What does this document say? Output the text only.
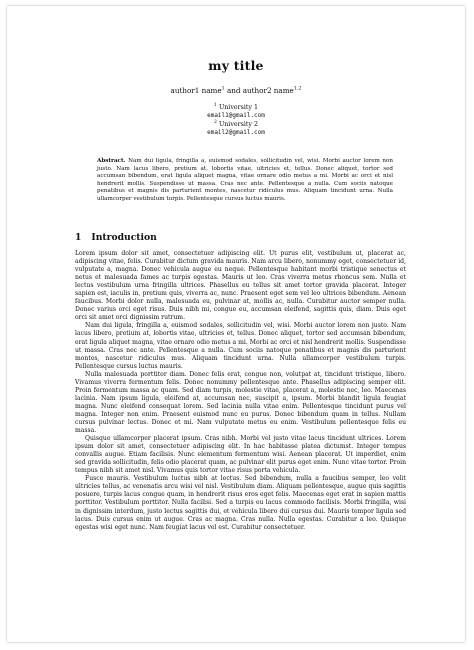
my title
author1 name$^1$ and author2 name$^{1,2}$
$^1$ University 1
email1@gmail.com
$^2$ University 2
email2@gmail.com
Abstract. Nam dui ligula, fringilla a, euismod sodales, sollicitudin vel, wisi. Morbi auctor lorem non justo. Nam lacus libero, pretium at, lobortis vitae, ultricies et, tellus. Donec aliquet, tortor sed accumsan bibendum, erat ligula aliquet magna, vitae ornare odio metus a mi. Morbi ac orci et nisl hendrerit mollis. Suspendisse ut massa. Cras nec ante. Pellentesque a nulla. Cum sociis natoque penatibus et magnis dis parturient montes, nascetur ridiculus mus. Aliquam tincidunt urna. Nulla ullamcorper vestibulum turpis. Pellentesque cursus luctus mauris.
1 Introduction

Lorem ipsum dolor sit amet, consectetuer adipiscing elit. Ut purus elit, vestibulum ut, placerat ac, adipiscing vitae, felis. Curabitur dictum gravida mauris. Nam arcu libero, nonummy eget, consectetuer id, vulputate a, magna. Donec vehicula augue eu neque. Pellentesque habitant morbi tristique senectus et netus et malesuada fames ac turpis egestas. Mauris ut leo. Cras viverra metus rhoncus sem. Nulla et lectus vestibulum urna fringilla ultrices. Phasellus eu tellus sit amet tortor gravida placerat. Integer sapien est, iaculis in, pretium quis, viverra ac, nunc. Praesent eget sem vel leo ultrices bibendum. Aenean faucibus. Morbi dolor nulla, malesuada eu, pulvinar at, mollis ac, nulla. Curabitur auctor semper nulla. Donec varius orci eget risus. Duis nibh mi, congue eu, accumsan eleifend, sagittis quis, diam. Duis eget orci sit amet orci dignissim rutrum.

Nam dui ligula, fringilla a, euismod sodales, sollicitudin vel, wisi. Morbi auctor lorem non justo. Nam lacus libero, pretium at, lobortis vitae, ultricies et, tellus. Donec aliquet, tortor sed accumsan bibendum, erat ligula aliquet magna, vitae ornare odio metus a mi. Morbi ac orci et nisl hendrerit mollis. Suspendisse ut massa. Cras nec ante. Pellentesque a nulla. Cum sociis natoque penatibus et magnis dis parturient montes, nascetur ridiculus mus. Aliquam tincidunt urna. Nulla ullamcorper vestibulum turpis. Pellentesque cursus luctus mauris.

Nulla malesuada porttitor diam. Donec felis erat, congue non, volutpat at, tincidunt tristique, libero. Vivamus viverra fermentum felis. Donec nonummy pellentesque ante. Phasellus adipiscing semper elit. Proin fermentum massa ac quam. Sed diam turpis, molestie vitae, placerat a, molestie nec, leo. Maecenas lacinia. Nam ipsum ligula, eleifend at, accumsan nec, suscipit a, ipsum. Morbi blandit ligula feugiat magna. Nunc eleifend consequat lorem. Sed lacinia nulla vitae enim. Pellentesque tincidunt purus vel magna. Integer non enim. Praesent euismod nunc eu purus. Donec bibendum quam in tellus. Nullam cursus pulvinar lectus. Donec et mi. Nam vulputate metus eu enim. Vestibulum pellentesque felis eu massa.

Quisque ullamcorper placerat ipsum. Cras nibh. Morbi vel justo vitae lacus tincidunt ultrices. Lorem ipsum dolor sit amet, consectetuer adipiscing elit. In hac habitasse platea dictumst. Integer tempus convallis augue. Etiam facilisis. Nunc elementum fermentum wisi. Aenean placerat. Ut imperdiet, enim sed gravida sollicitudin, felis odio placerat quam, ac pulvinar elit purus eget enim. Nunc vitae tortor. Proin tempus nibh sit amet nisl. Vivamus quis tortor vitae risus porta vehicula.

Fusce mauris. Vestibulum luctus nibh at lectus. Sed bibendum, nulla a faucibus semper, leo velit ultricies tellus, ac venenatis arcu wisi vel nisl. Vestibulum diam. Aliquam pellentesque, augue quis sagittis posuere, turpis lacus congue quam, in hendrerit risus eros eget felis. Maecenas eget erat in sapien mattis porttitor. Vestibulum porttitor. Nulla facilisi. Sed a turpis eu lacus commodo facilisis. Morbi fringilla, wisi in dignissim interdum, justo lectus sagittis dui, et vehicula libero dui cursus dui. Mauris tempor ligula sed lacus. Duis cursus enim ut augue. Cras ac magna. Cras nulla. Nulla egestas. Curabitur a leo. Quisque egestas wisi eget nunc. Nam feugiat lacus vel est. Curabitur consectetuer.
